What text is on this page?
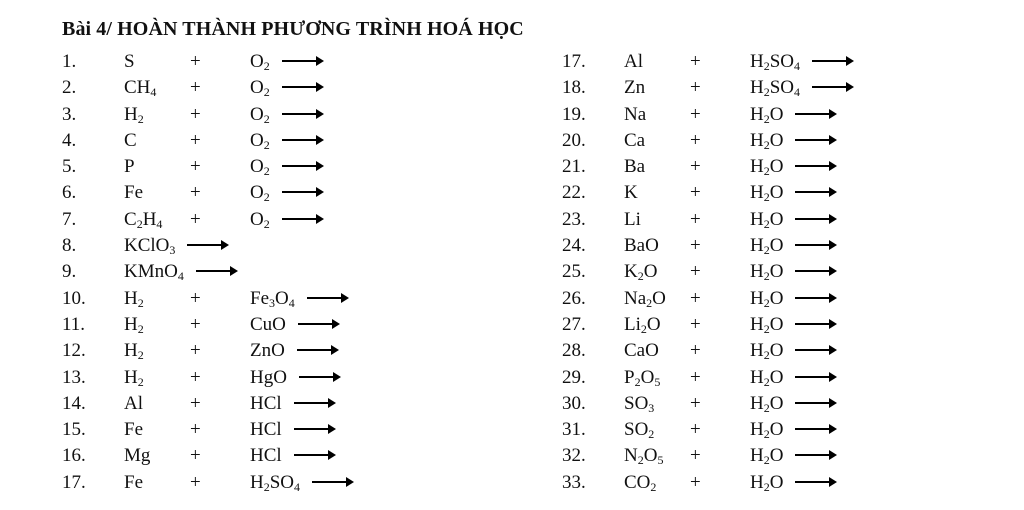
Bài 4/ HOÀN THÀNH PHƯƠNG TRÌNH HOÁ HỌC
1.	S	+	$O_2$ →
2.	$CH_4$ +	$O_2$ →
3.	$H_2$ +	$O_2$ →
4.	C	+	$O_2$ →
5.	P	+	$O_2$ →
6.	Fe +	$O_2$ →
7.	$C_2H_4$ +	$O_2$ →
8.	KClO$_3$ →
9.	KMnO$_4$ →
10. $H_2$ +	$Fe_3O_4$ →
11. $H_2$ +	CuO →
12. $H_2$ +	ZnO →
13. $H_2$ +	HgO →
14. Al +	HCl →
15. Fe +	HCl →
16. Mg +	HCl →
17. Fe +	$H_2SO_4$ →
17. Al +	$H_2SO_4$ →
18. Zn +	$H_2SO_4$ →
19. Na +	$H_2O$ →
20. Ca +	$H_2O$ →
21. Ba +	$H_2O$ →
22. K	+	$H_2O$ →
23. Li	+	$H_2O$ →
24. BaO +	$H_2O$ →
25. $K_2O$ +	$H_2O$ →
26. $Na_2O$ +	$H_2O$ →
27. $Li_2O$ +	$H_2O$ →
28. CaO +	$H_2O$ →
29. $P_2O_5$ +	$H_2O$ →
30. $SO_3$ +	$H_2O$ →
31. $SO_2$ +	$H_2O$ →
32. $N_2O_5$ +	$H_2O$ →
33. $CO_2$ +	$H_2O$ →
